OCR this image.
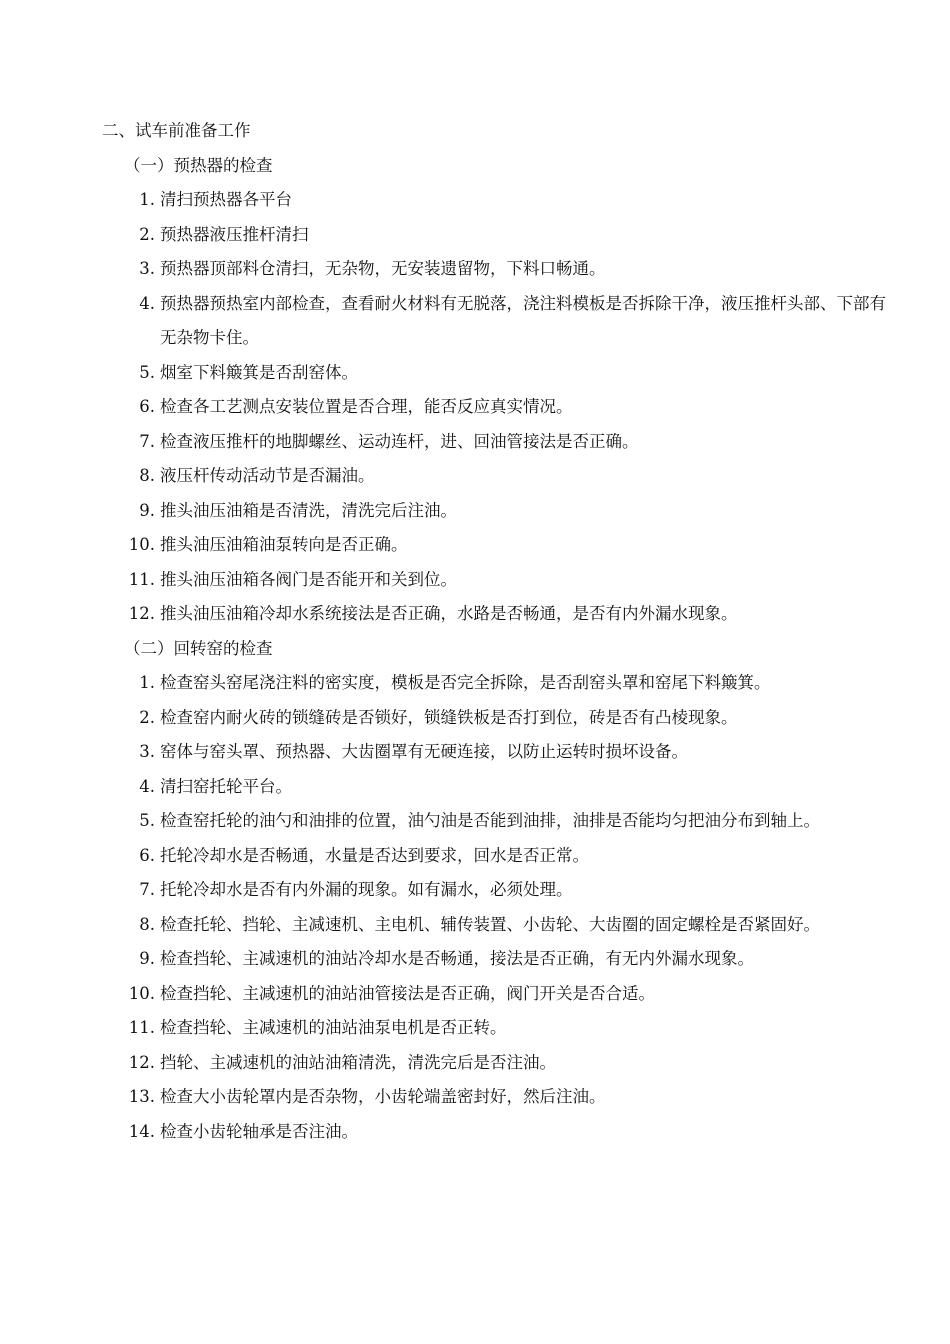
二、试车前准备工作
（一）预热器的检查
1. 清扫预热器各平台
2. 预热器液压推杆清扫
3. 预热器顶部料仓清扫，无杂物，无安装遗留物，下料口畅通。
4. 预热器预热室内部检查，查看耐火材料有无脱落，浇注料模板是否拆除干净，液压推杆头部、下部有无杂物卡住。
5. 烟室下料簸箕是否刮窑体。
6. 检查各工艺测点安装位置是否合理，能否反应真实情况。
7. 检查液压推杆的地脚螺丝、运动连杆，进、回油管接法是否正确。
8. 液压杆传动活动节是否漏油。
9. 推头油压油箱是否清洗，清洗完后注油。
10. 推头油压油箱油泵转向是否正确。
11. 推头油压油箱各阀门是否能开和关到位。
12. 推头油压油箱冷却水系统接法是否正确，水路是否畅通，是否有内外漏水现象。
（二）回转窑的检查
1. 检查窑头窑尾浇注料的密实度，模板是否完全拆除，是否刮窑头罩和窑尾下料簸箕。
2. 检查窑内耐火砖的锁缝砖是否锁好，锁缝铁板是否打到位，砖是否有凸棱现象。
3. 窑体与窑头罩、预热器、大齿圈罩有无硬连接，以防止运转时损坏设备。
4. 清扫窑托轮平台。
5. 检查窑托轮的油勺和油排的位置，油勺油是否能到油排，油排是否能均匀把油分布到轴上。
6. 托轮冷却水是否畅通，水量是否达到要求，回水是否正常。
7. 托轮冷却水是否有内外漏的现象。如有漏水，必须处理。
8. 检查托轮、挡轮、主减速机、主电机、辅传装置、小齿轮、大齿圈的固定螺栓是否紧固好。
9. 检查挡轮、主减速机的油站冷却水是否畅通，接法是否正确，有无内外漏水现象。
10. 检查挡轮、主减速机的油站油管接法是否正确，阀门开关是否合适。
11. 检查挡轮、主减速机的油站油泵电机是否正转。
12. 挡轮、主减速机的油站油箱清洗，清洗完后是否注油。
13. 检查大小齿轮罩内是否杂物，小齿轮端盖密封好，然后注油。
14. 检查小齿轮轴承是否注油。
